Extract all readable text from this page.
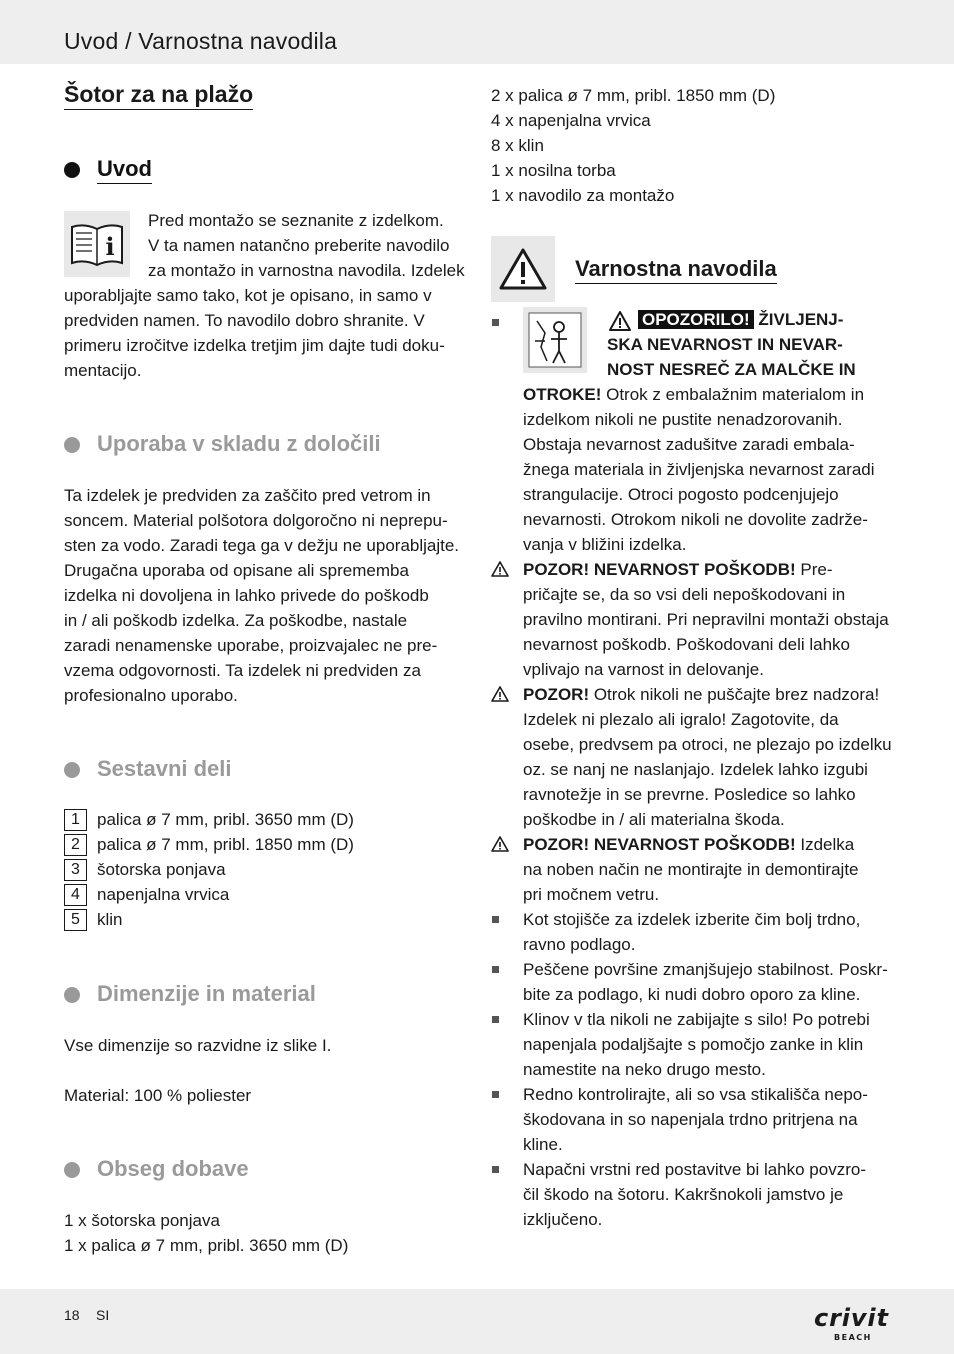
Uvod / Varnostna navodila
Šotor za na plažo
Uvod
i
Pred montažo se seznanite z izdelkom.
V ta namen natančno preberite navodilo
za montažo in varnostna navodila. Izdelek
uporabljajte samo tako, kot je opisano, in samo v
predviden namen. To navodilo dobro shranite. V
primeru izročitve izdelka tretjim jim dajte tudi doku-
mentacijo.
Uporaba v skladu z določili
Ta izdelek je predviden za zaščito pred vetrom in
soncem. Material polšotora dolgoročno ni neprepu-
sten za vodo. Zaradi tega ga v dežju ne uporabljajte.
Drugačna uporaba od opisane ali sprememba
izdelka ni dovoljena in lahko privede do poškodb
in / ali poškodb izdelka. Za poškodbe, nastale
zaradi nenamenske uporabe, proizvajalec ne pre-
vzema odgovornosti. Ta izdelek ni predviden za
profesionalno uporabo.
Sestavni deli
1	palica ø 7 mm, pribl. 3650 mm (D)
2	palica ø 7 mm, pribl. 1850 mm (D)
3	šotorska ponjava
4	napenjalna vrvica
5	klin
Dimenzije in material
Vse dimenzije so razvidne iz slike I.
Material: 100 % poliester
Obseg dobave
1 x šotorska ponjava
1 x palica ø 7 mm, pribl. 3650 mm (D)
2 x palica ø 7 mm, pribl. 1850 mm (D)
4 x napenjalna vrvica
8 x klin
1 x nosilna torba
1 x navodilo za montažo
Varnostna navodila
OPOZORILO! ŽIVLJENJ-
SKA NEVARNOST IN NEVAR-
NOST NESREČ ZA MALČKE IN
OTROKE! Otrok z embalažnim materialom in
izdelkom nikoli ne pustite nenadzorovanih.
Obstaja nevarnost zadušitve zaradi embala-
žnega materiala in življenjska nevarnost zaradi
strangulacije. Otroci pogosto podcenjujejo
nevarnosti. Otrokom nikoli ne dovolite zadrže-
vanja v bližini izdelka.
POZOR! NEVARNOST POŠKODB! Pre-
pričajte se, da so vsi deli nepoškodovani in
pravilno montirani. Pri nepravilni montaži obstaja
nevarnost poškodb. Poškodovani deli lahko
vplivajo na varnost in delovanje.
POZOR! Otrok nikoli ne puščajte brez nadzora!
Izdelek ni plezalo ali igralo! Zagotovite, da
osebe, predvsem pa otroci, ne plezajo po izdelku
oz. se nanj ne naslanjajo. Izdelek lahko izgubi
ravnotežje in se prevrne. Posledice so lahko
poškodbe in / ali materialna škoda.
POZOR! NEVARNOST POŠKODB! Izdelka
na noben način ne montirajte in demontirajte
pri močnem vetru.
Kot stojišče za izdelek izberite čim bolj trdno,
ravno podlago.
Peščene površine zmanjšujejo stabilnost. Poskr-
bite za podlago, ki nudi dobro oporo za kline.
Klinov v tla nikoli ne zabijajte s silo! Po potrebi
napenjala podaljšajte s pomočjo zanke in klin
namestite na neko drugo mesto.
Redno kontrolirajte, ali so vsa stikališča nepo-
škodovana in so napenjala trdno pritrjena na
kline.
Napačni vrstni red postavitve bi lahko povzro-
čil škodo na šotoru. Kakršnokoli jamstvo je
izključeno.
18 SI	crivit
BEACH
